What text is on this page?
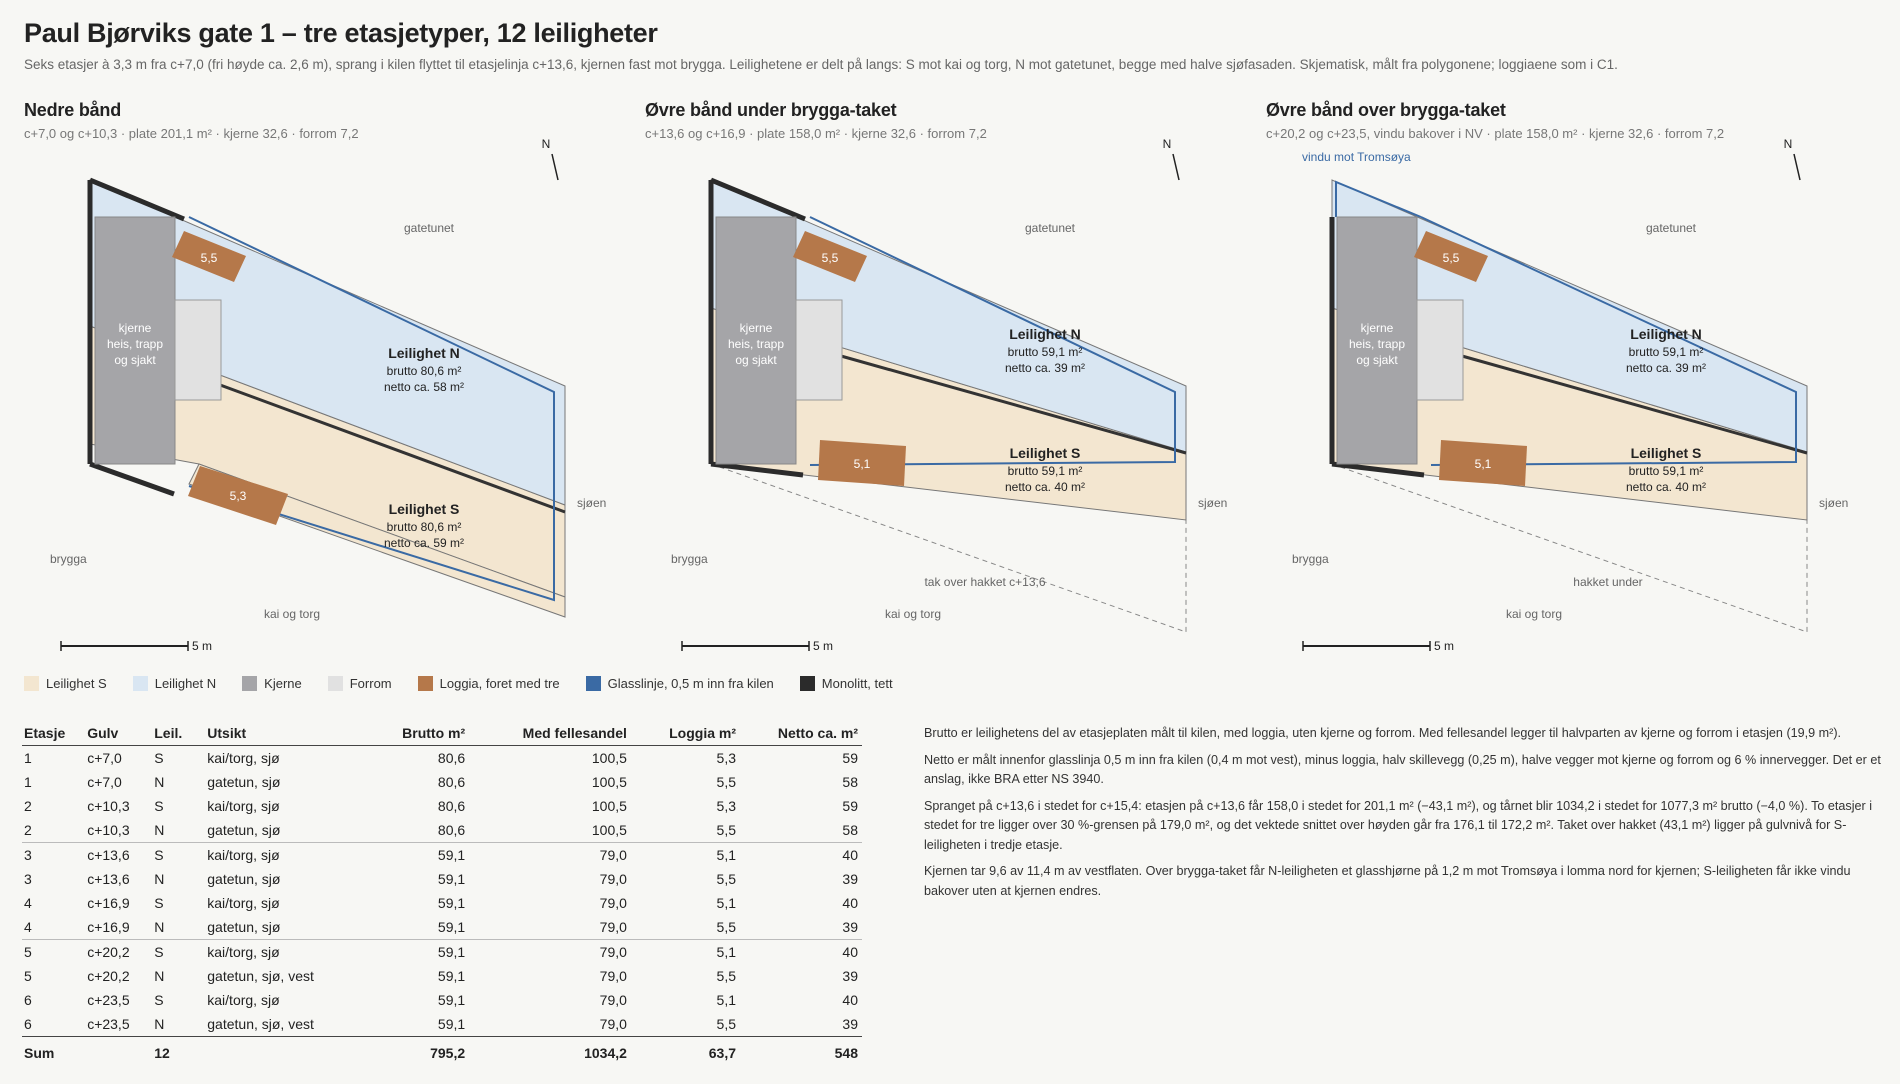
Paul Bjørviks gate 1 – tre etasjetyper, 12 leiligheter
Seks etasjer à 3,3 m fra c+7,0 (fri høyde ca. 2,6 m), sprang i kilen flyttet til etasjelinja c+13,6, kjernen fast mot brygga. Leilighetene er delt på langs: S mot kai og torg, N mot gatetunet, begge med halve sjøfasaden. Skjematisk, målt fra polygonene; loggiaene som i C1.
Nedre bånd
c+7,0 og c+10,3 · plate 201,1 m² · kjerne 32,6 · forrom 7,2
kjerne
heis, trapp
og sjakt
5,5
5,3
Leilighet N
brutto 80,6 m²
netto ca. 58 m²
Leilighet S
brutto 80,6 m²
netto ca. 59 m²
gatetunet
sjøen
brygga
kai og torg
N
5 m
Øvre bånd under brygga-taket
c+13,6 og c+16,9 · plate 158,0 m² · kjerne 32,6 · forrom 7,2
kjerne
heis, trapp
og sjakt
5,5
5,1
Leilighet N
brutto 59,1 m²
netto ca. 39 m²
Leilighet S
brutto 59,1 m²
netto ca. 40 m²
gatetunet
sjøen
brygga
kai og torg
tak over hakket c+13,6
N
5 m
Øvre bånd over brygga-taket
c+20,2 og c+23,5, vindu bakover i NV · plate 158,0 m² · kjerne 32,6 · forrom 7,2
kjerne
heis, trapp
og sjakt
5,5
5,1
Leilighet N
brutto 59,1 m²
netto ca. 39 m²
Leilighet S
brutto 59,1 m²
netto ca. 40 m²
gatetunet
sjøen
brygga
kai og torg
hakket under
vindu mot Tromsøya
N
5 m
Leilighet S	Leilighet N	Kjerne	Forrom	Loggia, foret med tre	Glasslinje, 0,5 m inn fra kilen	Monolitt, tett
Etasje	Gulv	Leil.	Utsikt	Brutto m²	Med fellesandel	Loggia m²	Netto ca. m²
1	c+7,0	S	kai/torg, sjø	80,6	100,5	5,3	59
1	c+7,0	N	gatetun, sjø	80,6	100,5	5,5	58
2	c+10,3	S	kai/torg, sjø	80,6	100,5	5,3	59
2	c+10,3	N	gatetun, sjø	80,6	100,5	5,5	58
3	c+13,6	S	kai/torg, sjø	59,1	79,0	5,1	40
3	c+13,6	N	gatetun, sjø	59,1	79,0	5,5	39
4	c+16,9	S	kai/torg, sjø	59,1	79,0	5,1	40
4	c+16,9	N	gatetun, sjø	59,1	79,0	5,5	39
5	c+20,2	S	kai/torg, sjø	59,1	79,0	5,1	40
5	c+20,2	N	gatetun, sjø, vest	59,1	79,0	5,5	39
6	c+23,5	S	kai/torg, sjø	59,1	79,0	5,1	40
6	c+23,5	N	gatetun, sjø, vest	59,1	79,0	5,5	39
Sum		12		795,2	1034,2	63,7	548

Brutto er leilighetens del av etasjeplaten målt til kilen, med loggia, uten kjerne og forrom. Med fellesandel legger til halvparten av kjerne og forrom i etasjen (19,9 m²).

Netto er målt innenfor glasslinja 0,5 m inn fra kilen (0,4 m mot vest), minus loggia, halv skillevegg (0,25 m), halve vegger mot kjerne og forrom og 6 % innervegger. Det er et anslag, ikke BRA etter NS 3940.

Spranget på c+13,6 i stedet for c+15,4: etasjen på c+13,6 får 158,0 i stedet for 201,1 m² (−43,1 m²), og tårnet blir 1034,2 i stedet for 1077,3 m² brutto (−4,0 %). To etasjer i stedet for tre ligger over 30 %-grensen på 179,0 m², og det vektede snittet over høyden går fra 176,1 til 172,2 m². Taket over hakket (43,1 m²) ligger på gulvnivå for S-leiligheten i tredje etasje.

Kjernen tar 9,6 av 11,4 m av vestflaten. Over brygga-taket får N-leiligheten et glasshjørne på 1,2 m mot Tromsøya i lomma nord for kjernen; S-leiligheten får ikke vindu bakover uten at kjernen endres.
